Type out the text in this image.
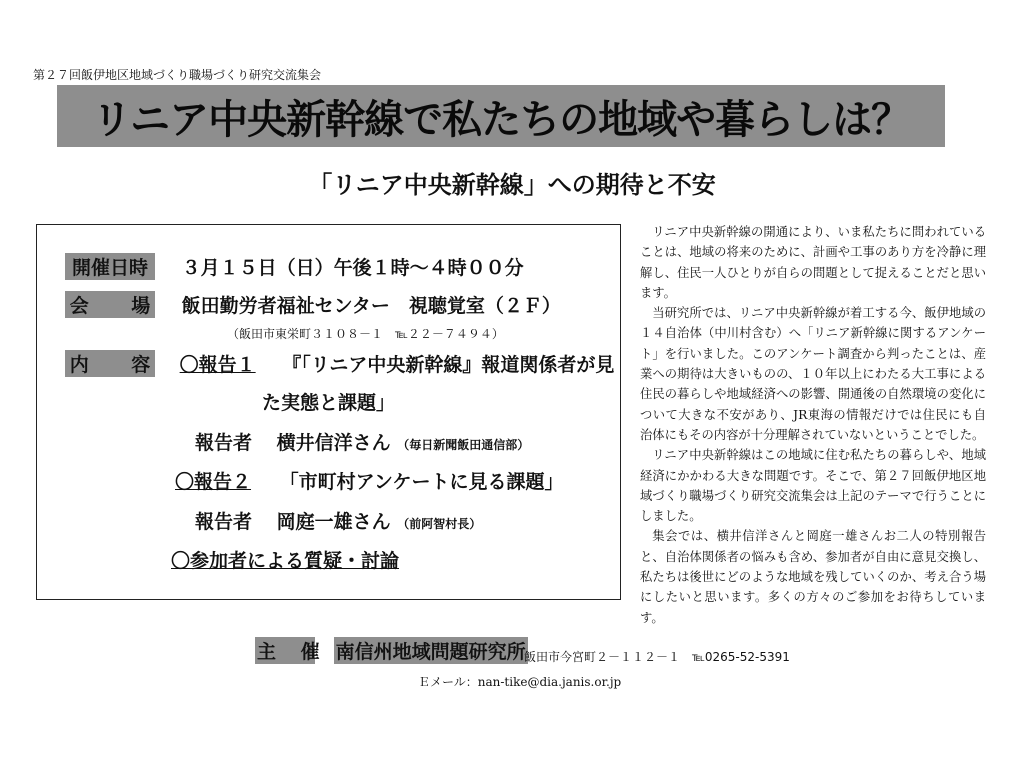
第２７回飯伊地区地域づくり職場づくり研究交流集会
リニア中央新幹線で私たちの地域や暮らしは？
「リニア中央新幹線」への期待と不安
開催日時 ３月１５日（日）午後１時～４時００分
会 場 飯田勤労者福祉センター　視聴覚室（２Ｆ）
（飯田市東栄町３１０８－１　℡２２－７４９４）
内 容 〇報告１ 『「リニア中央新幹線』報道関係者が見
た実態と課題」
報告者 横井信洋さん （毎日新聞飯田通信部）
〇報告２ 「市町村アンケートに見る課題」
報告者 岡庭一雄さん （前阿智村長）
〇参加者による質疑・討論

リニア中央新幹線の開通により、いま私たちに問われていることは、地域の将来のために、計画や工事のあり方を冷静に理解し、住民一人ひとりが自らの問題として捉えることだと思います。

当研究所では、リニア中央新幹線が着工する今、飯伊地域の１４自治体（中川村含む）へ「リニア新幹線に関するアンケート」を行いました。このアンケート調査から判ったことは、産業への期待は大きいものの、１０年以上にわたる大工事による住民の暮らしや地域経済への影響、開通後の自然環境の変化について大きな不安があり、JR東海の情報だけでは住民にも自治体にもその内容が十分理解されていないということでした。

リニア中央新幹線はこの地域に住む私たちの暮らしや、地域経済にかかわる大きな問題です。そこで、第２７回飯伊地区地域づくり職場づくり研究交流集会は上記のテーマで行うことにしました。

集会では、横井信洋さんと岡庭一雄さんお二人の特別報告と、自治体関係者の悩みも含め、参加者が自由に意見交換し、私たちは後世にどのような地域を残していくのか、考え合う場にしたいと思います。多くの方々のご参加をお待ちしています。

主 催 南信州地域問題研究所
飯田市今宮町２－１１２－１　℡0265-52-5391
Ｅメール：nan-tike@dia.janis.or.jp
